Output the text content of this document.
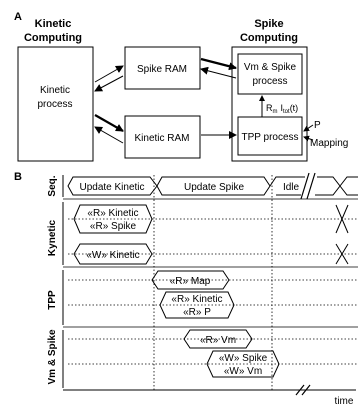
A
Kinetic
Computing
Kinetic
process
Spike RAM
Kinetic RAM
Spike
Computing
Vm & Spike
process
$R_m$ $I_{tot}(t)$
TPP process
P
Mapping
B	Seq.
Kynetic
TPP
Vm & Spike
Update Kinetic	Update Spike	Idle
«R» Kinetic
«R» Spike
«W» Kinetic
«R» Map
«R» Kinetic
«R» P
«R» Vm
«W» Spike
«W» Vm
time
